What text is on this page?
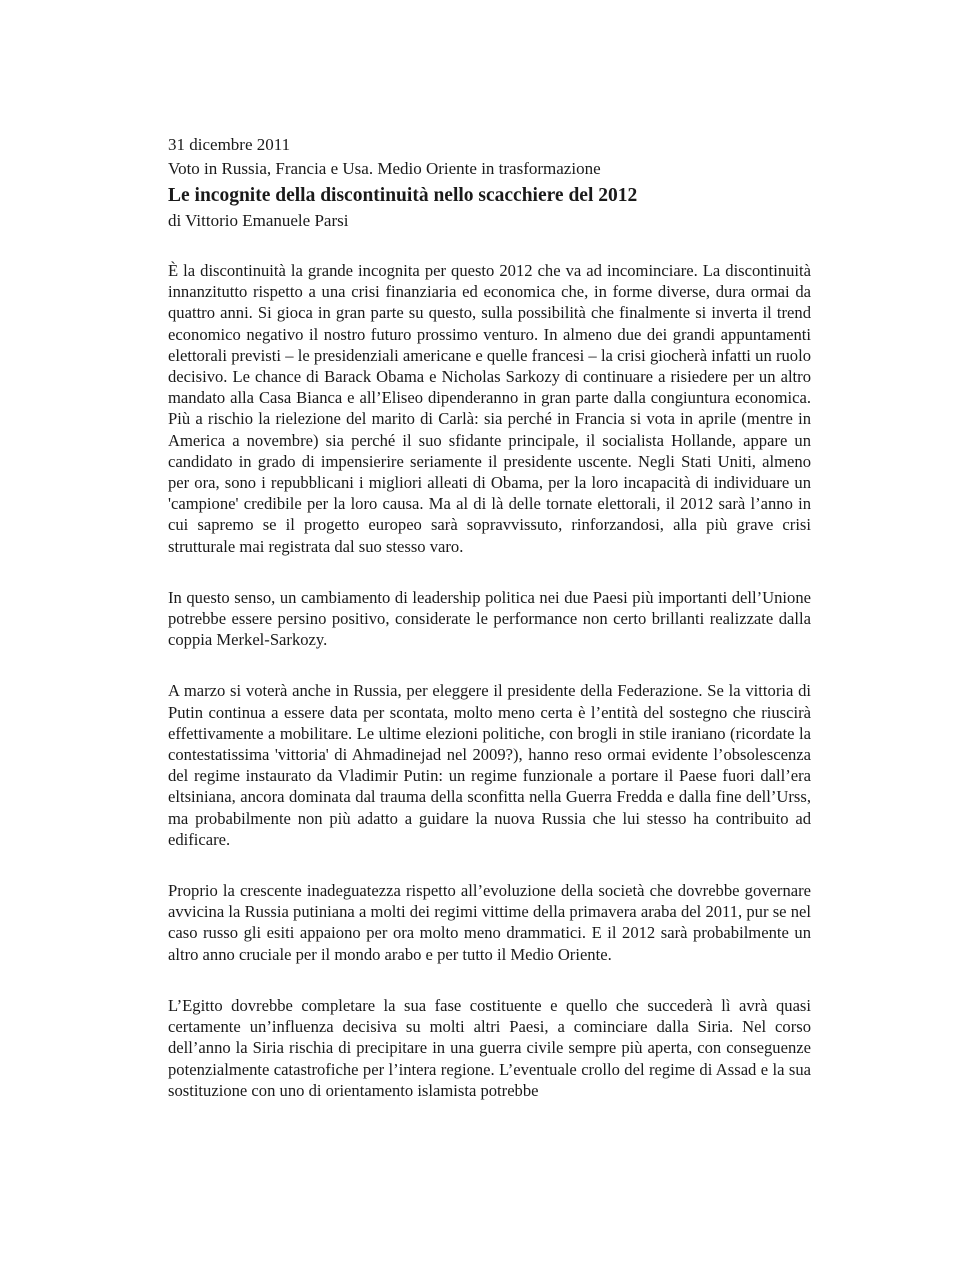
31 dicembre 2011

Voto in Russia, Francia e Usa. Medio Oriente in trasformazione

Le incognite della discontinuità nello scacchiere del 2012

di Vittorio Emanuele Parsi

È la discontinuità la grande incognita per questo 2012 che va ad incominciare. La discontinuità innanzitutto rispetto a una crisi finanziaria ed economica che, in forme diverse, dura ormai da quattro anni. Si gioca in gran parte su questo, sulla possibilità che finalmente si inverta il trend economico negativo il nostro futuro prossimo venturo. In almeno due dei grandi appuntamenti elettorali previsti – le presidenziali americane e quelle francesi – la crisi giocherà infatti un ruolo decisivo. Le chance di Barack Obama e Nicholas Sarkozy di continuare a risiedere per un altro mandato alla Casa Bianca e all’Eliseo dipenderanno in gran parte dalla congiuntura economica. Più a rischio la rielezione del marito di Carlà: sia perché in Francia si vota in aprile (mentre in America a novembre) sia perché il suo sfidante principale, il socialista Hollande, appare un candidato in grado di impensierire seriamente il presidente uscente. Negli Stati Uniti, almeno per ora, sono i repubblicani i migliori alleati di Obama, per la loro incapacità di individuare un 'campione' credibile per la loro causa. Ma al di là delle tornate elettorali, il 2012 sarà l’anno in cui sapremo se il progetto europeo sarà sopravvissuto, rinforzandosi, alla più grave crisi strutturale mai registrata dal suo stesso varo.

In questo senso, un cambiamento di leadership politica nei due Paesi più importanti dell’Unione potrebbe essere persino positivo, considerate le performance non certo brillanti realizzate dalla coppia Merkel-Sarkozy.

A marzo si voterà anche in Russia, per eleggere il presidente della Federazione. Se la vittoria di Putin continua a essere data per scontata, molto meno certa è l’entità del sostegno che riuscirà effettivamente a mobilitare. Le ultime elezioni politiche, con brogli in stile iraniano (ricordate la contestatissima 'vittoria' di Ahmadinejad nel 2009?), hanno reso ormai evidente l’obsolescenza del regime instaurato da Vladimir Putin: un regime funzionale a portare il Paese fuori dall’era eltsiniana, ancora dominata dal trauma della sconfitta nella Guerra Fredda e dalla fine dell’Urss, ma probabilmente non più adatto a guidare la nuova Russia che lui stesso ha contribuito ad edificare.

Proprio la crescente inadeguatezza rispetto all’evoluzione della società che dovrebbe governare avvicina la Russia putiniana a molti dei regimi vittime della primavera araba del 2011, pur se nel caso russo gli esiti appaiono per ora molto meno drammatici. E il 2012 sarà probabilmente un altro anno cruciale per il mondo arabo e per tutto il Medio Oriente.

L’Egitto dovrebbe completare la sua fase costituente e quello che succederà lì avrà quasi certamente un’influenza decisiva su molti altri Paesi, a cominciare dalla Siria. Nel corso dell’anno la Siria rischia di precipitare in una guerra civile sempre più aperta, con conseguenze potenzialmente catastrofiche per l’intera regione. L’eventuale crollo del regime di Assad e la sua sostituzione con uno di orientamento islamista potrebbe
